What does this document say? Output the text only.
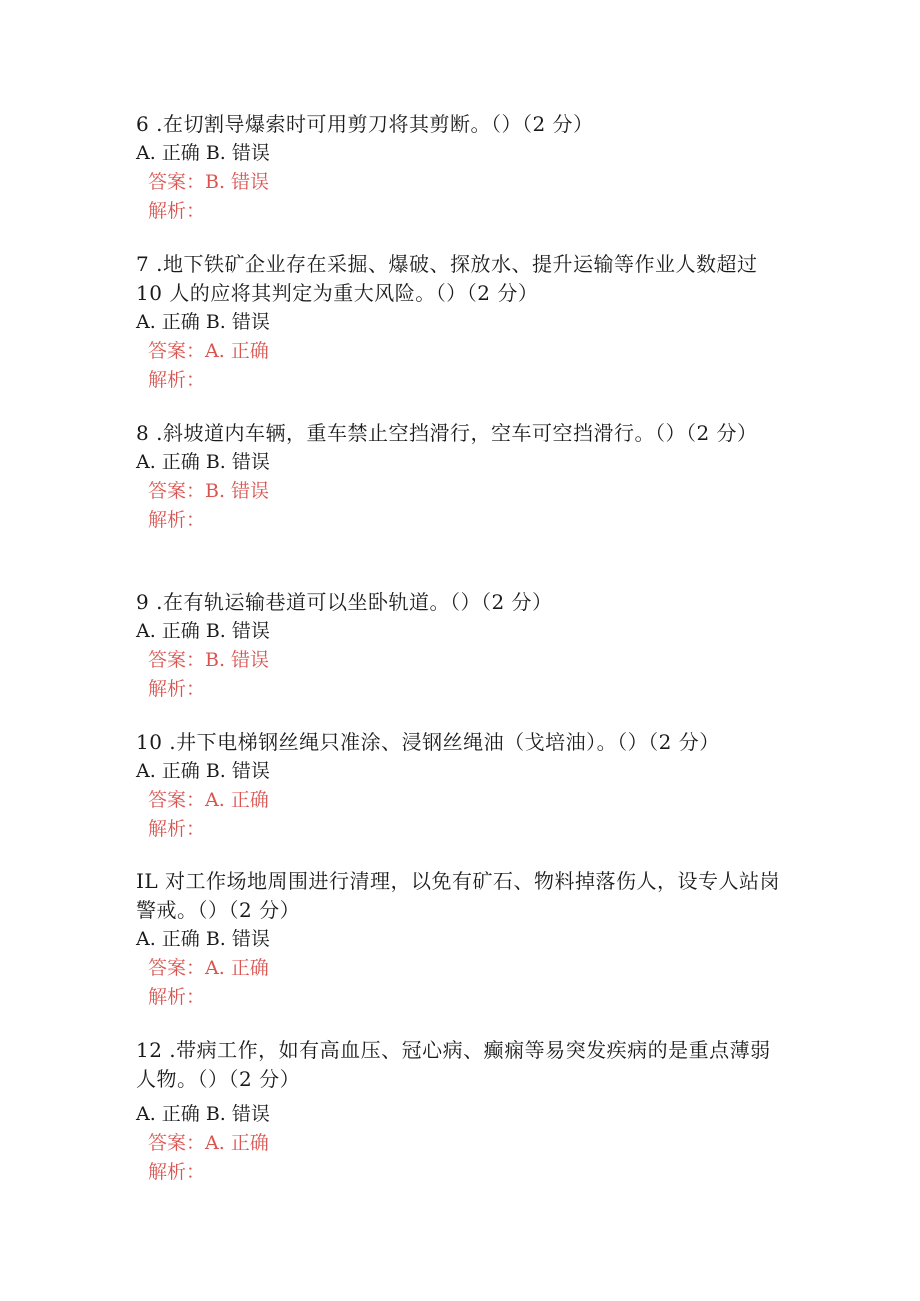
6 .在切割导爆索时可用剪刀将其剪断。（）（2 分）

A. 正确 B. 错误

答案：B. 错误

解析：

7 .地下铁矿企业存在采掘、爆破、探放水、提升运输等作业人数超过 10 人的应将其判定为重大风险。（）（2 分）

A. 正确 B. 错误

答案：A. 正确

解析：

8 .斜坡道内车辆，重车禁止空挡滑行，空车可空挡滑行。（）（2 分）

A. 正确 B. 错误

答案：B. 错误

解析：

9 .在有轨运输巷道可以坐卧轨道。（）（2 分）

A. 正确 B. 错误

答案：B. 错误

解析：

10 .井下电梯钢丝绳只准涂、浸钢丝绳油（戈培油）。（）（2 分）

A. 正确 B. 错误

答案：A. 正确

解析：

IL 对工作场地周围进行清理，以免有矿石、物料掉落伤人，设专人站岗警戒。（）（2 分）

A. 正确 B. 错误

答案：A. 正确

解析：

12 .带病工作，如有高血压、冠心病、癫痫等易突发疾病的是重点薄弱人物。（）（2 分）

A. 正确 B. 错误

答案：A. 正确

解析：
